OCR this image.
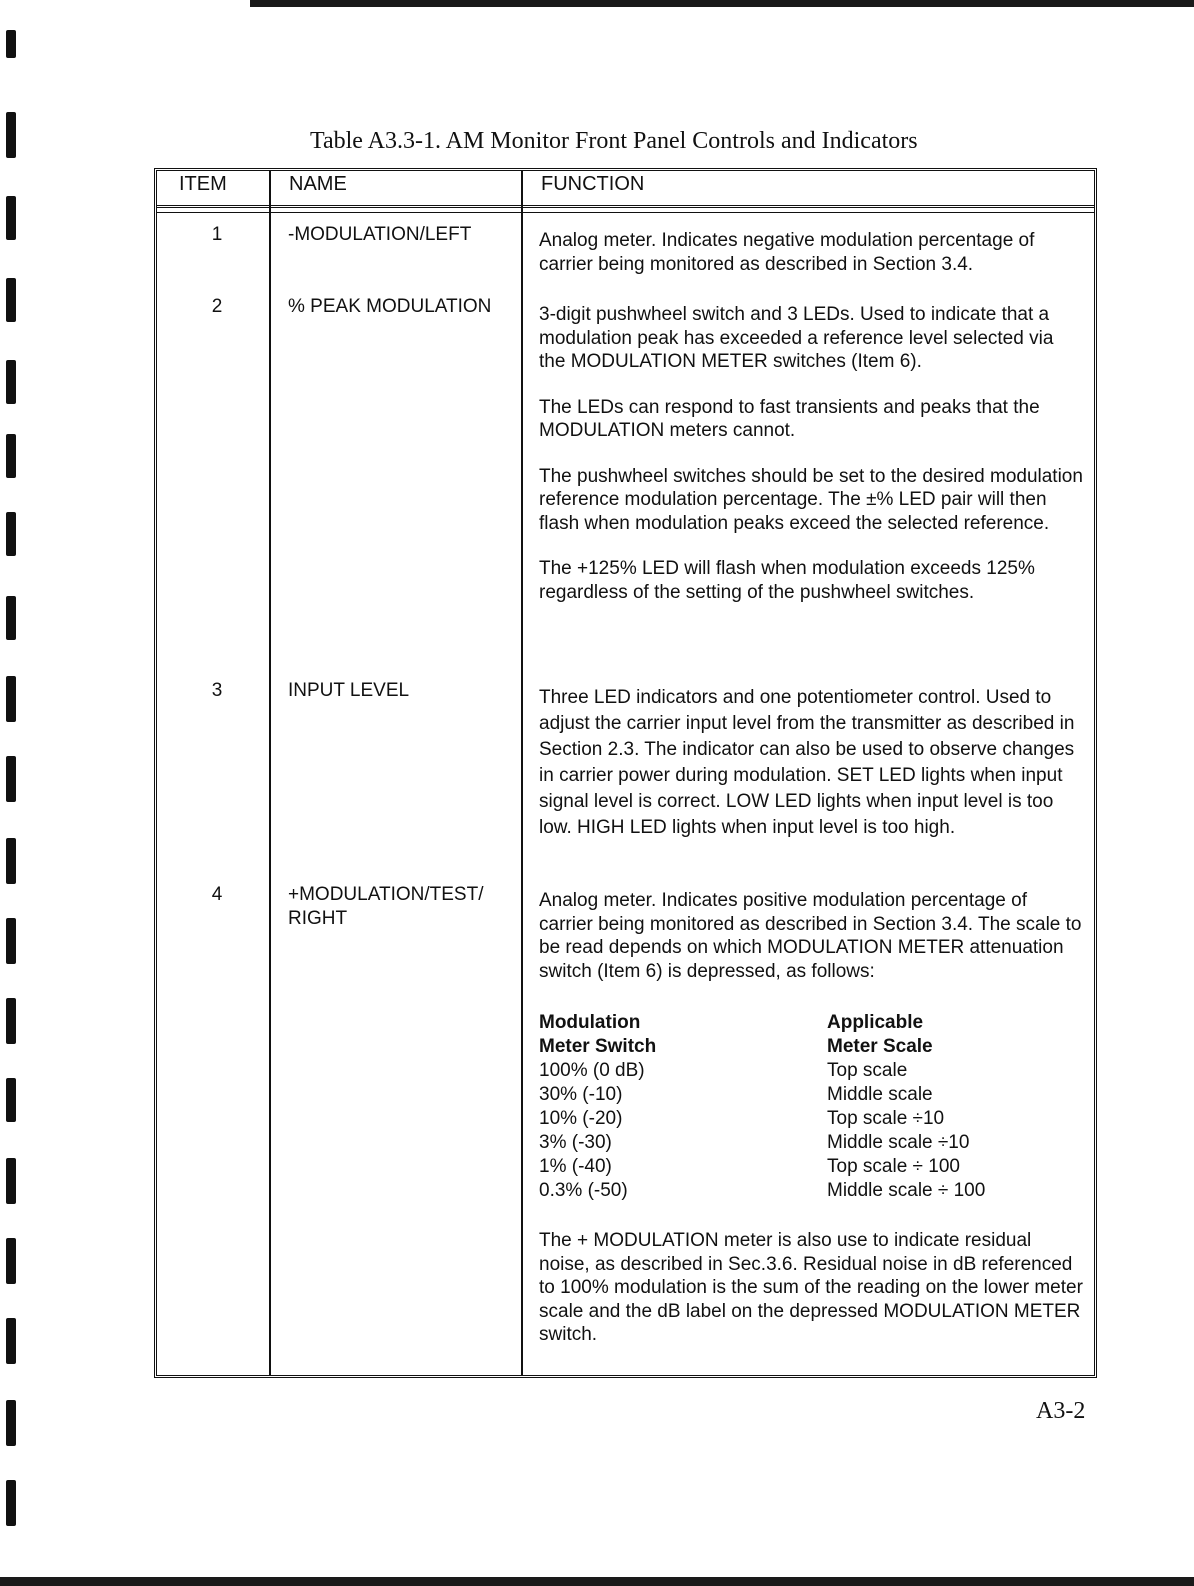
Table A3.3-1. AM Monitor Front Panel Controls and Indicators
ITEM	NAME	FUNCTION
1	-MODULATION/LEFT	Analog meter. Indicates negative modulation percentage of carrier being monitored as described in Section 3.4.

2	% PEAK MODULATION	3-digit pushwheel switch and 3 LEDs. Used to indicate that a modulation peak has exceeded a reference level selected via the MODULATION METER switches (Item 6).

The LEDs can respond to fast transients and peaks that the MODULATION meters cannot.

The pushwheel switches should be set to the desired modulation reference modulation percentage. The ±% LED pair will then flash when modulation peaks exceed the selected reference.

The +125% LED will flash when modulation exceeds 125% regardless of the setting of the pushwheel switches.

3	INPUT LEVEL	Three LED indicators and one potentiometer control. Used to adjust the carrier input level from the transmitter as described in Section 2.3. The indicator can also be used to observe changes in carrier power during modulation. SET LED lights when input signal level is correct. LOW LED lights when input level is too low. HIGH LED lights when input level is too high.

4	+MODULATION/TEST/ RIGHT

Analog meter. Indicates positive modulation percentage of carrier being monitored as described in Section 3.4. The scale to be read depends on which MODULATION METER attenuation switch (Item 6) is depressed, as follows:

Modulation	Applicable
Meter Switch	Meter Scale
100% (0 dB)	Top scale
30% (-10)	Middle scale
10% (-20)	Top scale ÷10
3% (-30)	Middle scale ÷10
1% (-40)	Top scale ÷ 100
0.3% (-50)	Middle scale ÷ 100

The + MODULATION meter is also use to indicate residual noise, as described in Sec.3.6. Residual noise in dB referenced to 100% modulation is the sum of the reading on the lower meter scale and the dB label on the depressed MODULATION METER switch.

A3-2
